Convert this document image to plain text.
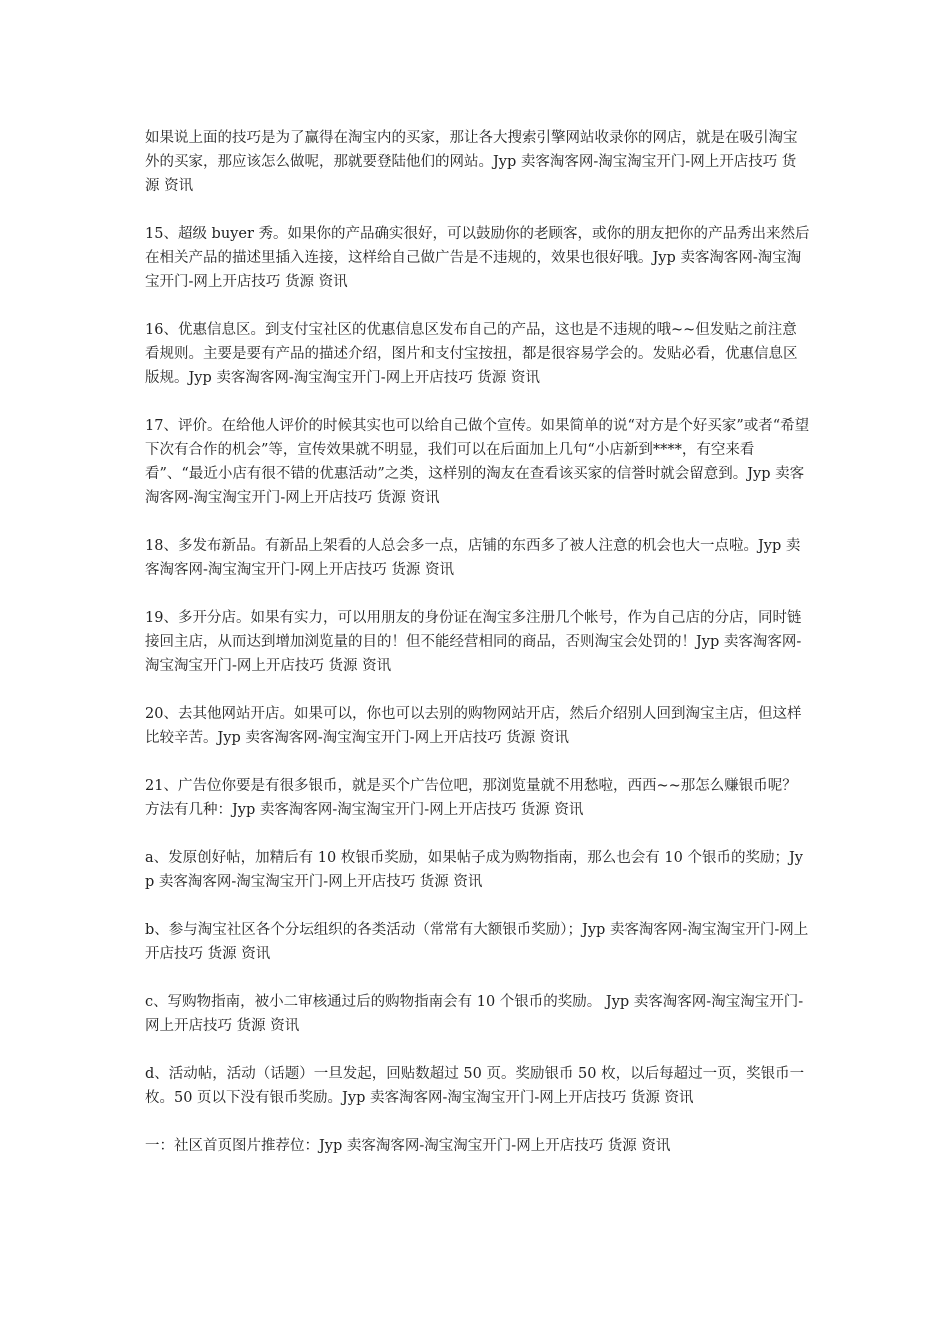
如果说上面的技巧是为了赢得在淘宝内的买家，那让各大搜索引擎网站收录你的网店，就是在吸引淘宝外的买家，那应该怎么做呢，那就要登陆他们的网站。Jyp 卖客淘客网-淘宝淘宝开门-网上开店技巧 货源 资讯

15、超级 buyer 秀。如果你的产品确实很好，可以鼓励你的老顾客，或你的朋友把你的产品秀出来然后在相关产品的描述里插入连接，这样给自己做广告是不违规的，效果也很好哦。Jyp 卖客淘客网-淘宝淘宝开门-网上开店技巧 货源 资讯

16、优惠信息区。到支付宝社区的优惠信息区发布自己的产品，这也是不违规的哦~~但发贴之前注意看规则。主要是要有产品的描述介绍，图片和支付宝按扭，都是很容易学会的。发贴必看，优惠信息区版规。Jyp 卖客淘客网-淘宝淘宝开门-网上开店技巧 货源 资讯

17、评价。在给他人评价的时候其实也可以给自己做个宣传。如果简单的说“对方是个好买家”或者“希望下次有合作的机会”等，宣传效果就不明显，我们可以在后面加上几句“小店新到****，有空来看看”、“最近小店有很不错的优惠活动”之类，这样别的淘友在查看该买家的信誉时就会留意到。Jyp 卖客淘客网-淘宝淘宝开门-网上开店技巧 货源 资讯

18、多发布新品。有新品上架看的人总会多一点，店铺的东西多了被人注意的机会也大一点啦。Jyp 卖客淘客网-淘宝淘宝开门-网上开店技巧 货源 资讯

19、多开分店。如果有实力，可以用朋友的身份证在淘宝多注册几个帐号，作为自己店的分店，同时链接回主店，从而达到增加浏览量的目的！但不能经营相同的商品，否则淘宝会处罚的！Jyp 卖客淘客网-淘宝淘宝开门-网上开店技巧 货源 资讯

20、去其他网站开店。如果可以，你也可以去别的购物网站开店，然后介绍别人回到淘宝主店，但这样比较辛苦。Jyp 卖客淘客网-淘宝淘宝开门-网上开店技巧 货源 资讯

21、广告位你要是有很多银币，就是买个广告位吧，那浏览量就不用愁啦，西西~~那怎么赚银币呢？方法有几种：Jyp 卖客淘客网-淘宝淘宝开门-网上开店技巧 货源 资讯

a、发原创好帖，加精后有 10 枚银币奖励，如果帖子成为购物指南，那么也会有 10 个银币的奖励；Jyp 卖客淘客网-淘宝淘宝开门-网上开店技巧 货源 资讯

b、参与淘宝社区各个分坛组织的各类活动（常常有大额银币奖励）；Jyp 卖客淘客网-淘宝淘宝开门-网上开店技巧 货源 资讯

c、写购物指南，被小二审核通过后的购物指南会有 10 个银币的奖励。 Jyp 卖客淘客网-淘宝淘宝开门-网上开店技巧 货源 资讯

d、活动帖，活动（话题）一旦发起，回贴数超过 50 页。奖励银币 50 枚，以后每超过一页，奖银币一枚。50 页以下没有银币奖励。Jyp 卖客淘客网-淘宝淘宝开门-网上开店技巧 货源 资讯

一：社区首页图片推荐位：Jyp 卖客淘客网-淘宝淘宝开门-网上开店技巧 货源 资讯
